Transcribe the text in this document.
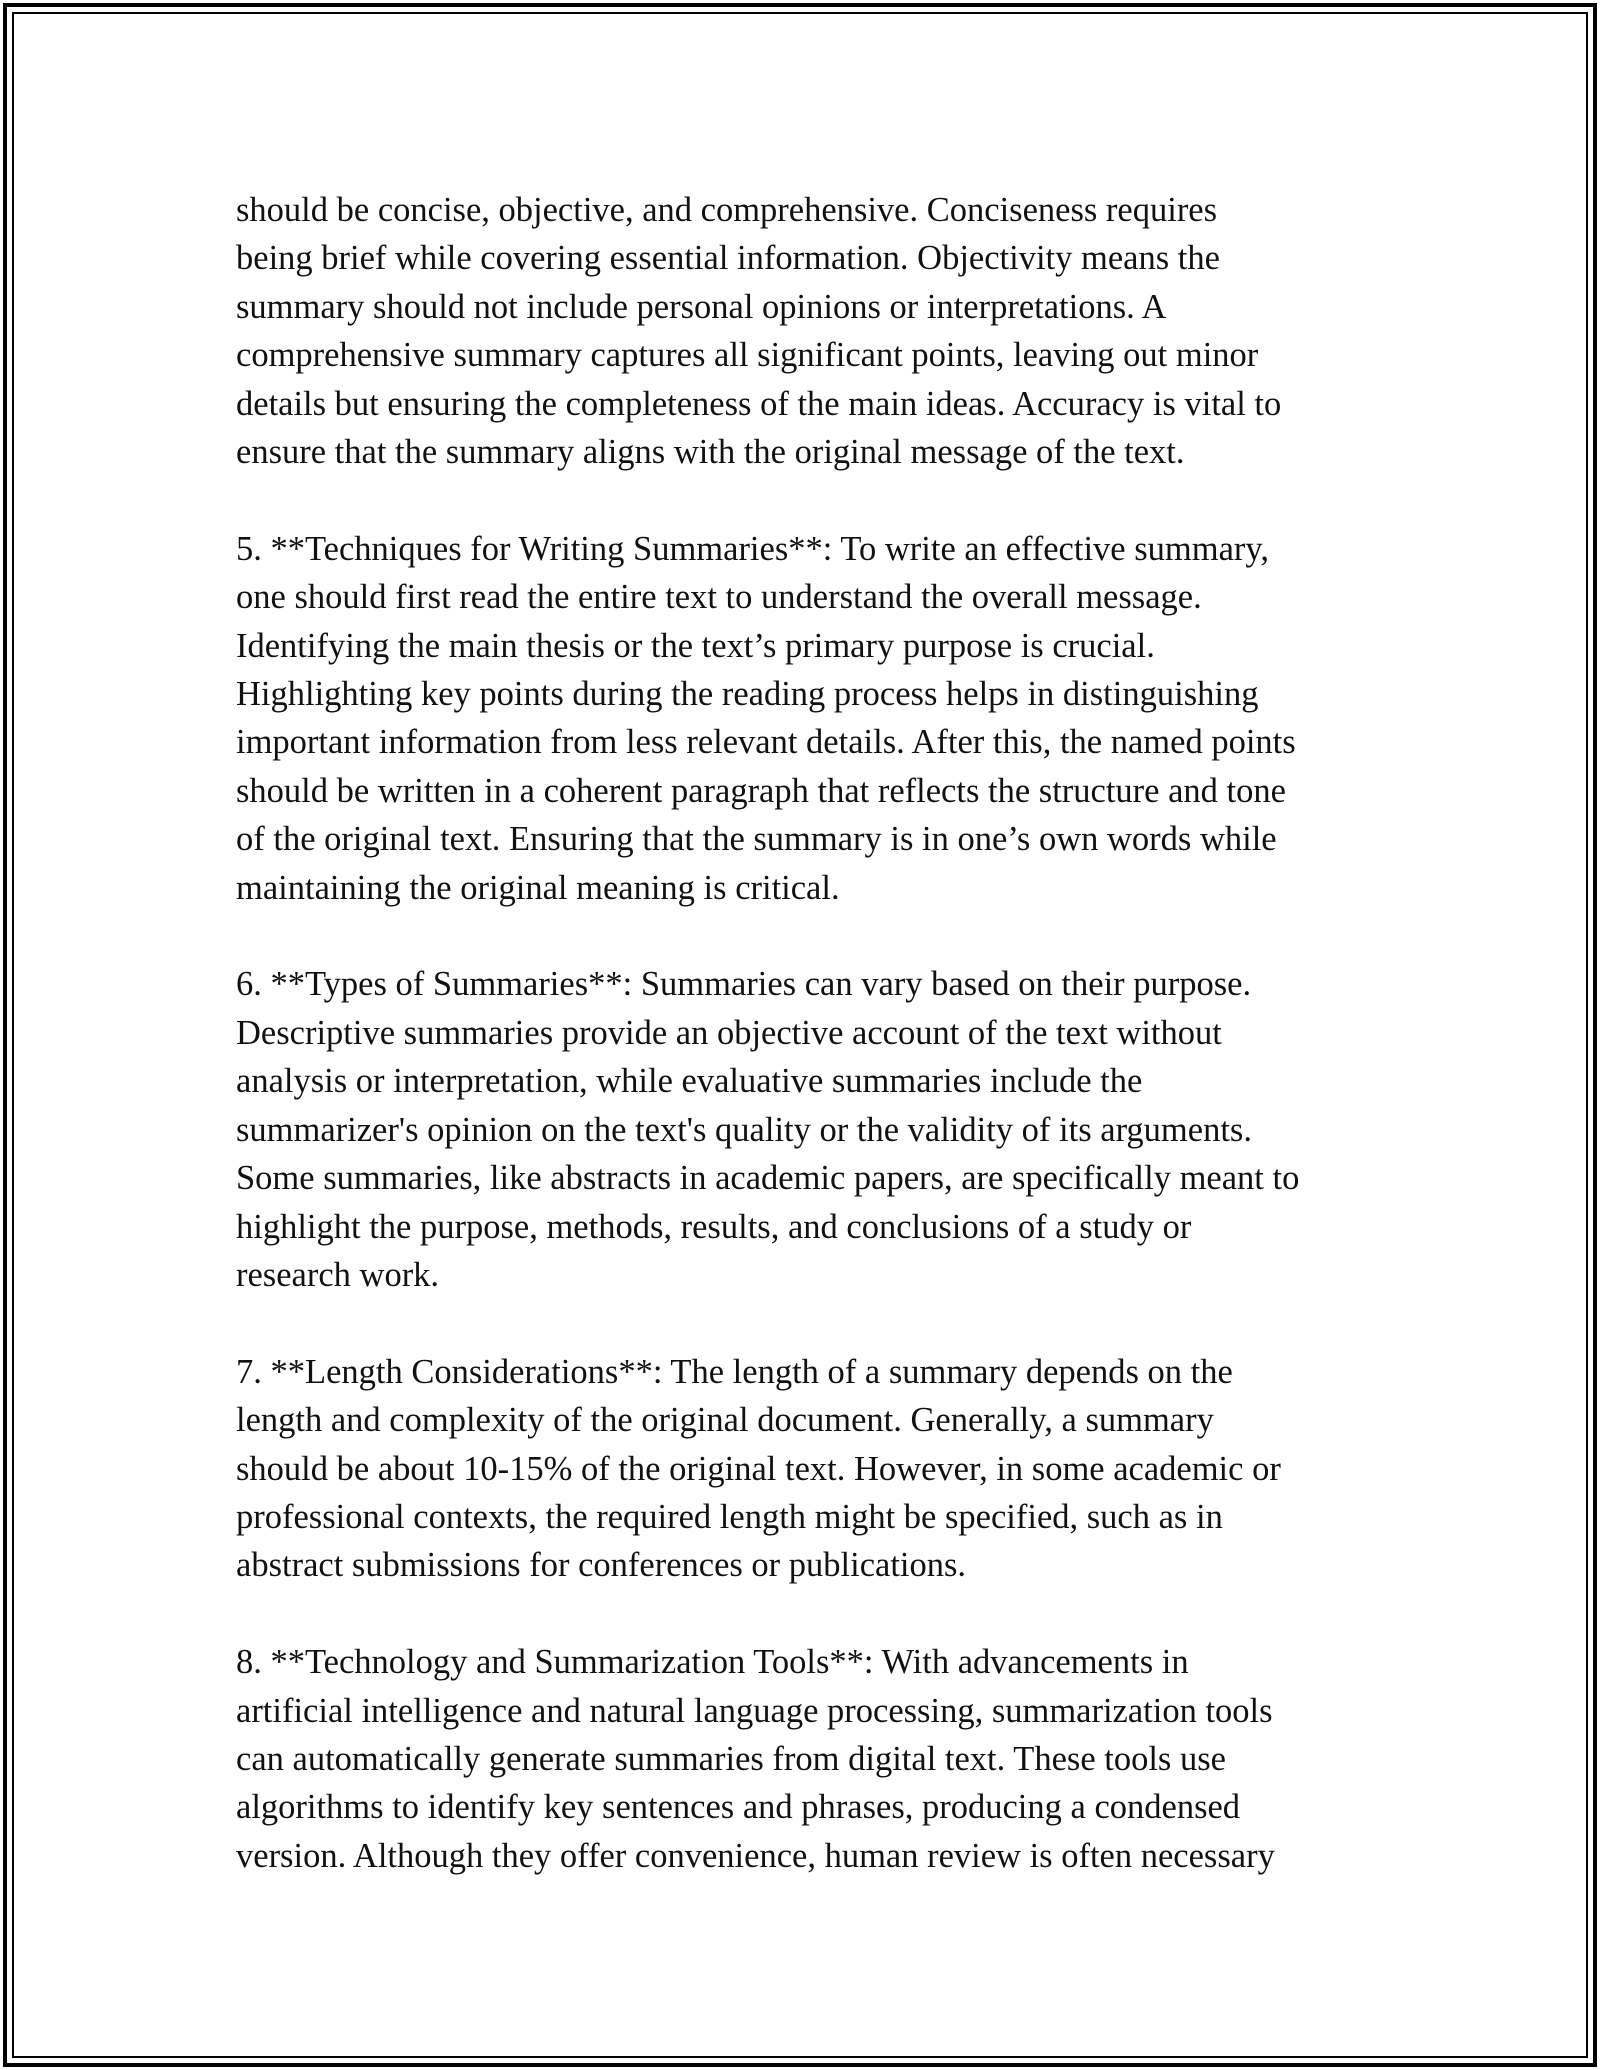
should be concise, objective, and comprehensive. Conciseness requires
being brief while covering essential information. Objectivity means the
summary should not include personal opinions or interpretations. A
comprehensive summary captures all significant points, leaving out minor
details but ensuring the completeness of the main ideas. Accuracy is vital to
ensure that the summary aligns with the original message of the text.

5. **Techniques for Writing Summaries**: To write an effective summary,
one should first read the entire text to understand the overall message.
Identifying the main thesis or the text’s primary purpose is crucial.
Highlighting key points during the reading process helps in distinguishing
important information from less relevant details. After this, the named points
should be written in a coherent paragraph that reflects the structure and tone
of the original text. Ensuring that the summary is in one’s own words while
maintaining the original meaning is critical.

6. **Types of Summaries**: Summaries can vary based on their purpose.
Descriptive summaries provide an objective account of the text without
analysis or interpretation, while evaluative summaries include the
summarizer's opinion on the text's quality or the validity of its arguments.
Some summaries, like abstracts in academic papers, are specifically meant to
highlight the purpose, methods, results, and conclusions of a study or
research work.

7. **Length Considerations**: The length of a summary depends on the
length and complexity of the original document. Generally, a summary
should be about 10-15% of the original text. However, in some academic or
professional contexts, the required length might be specified, such as in
abstract submissions for conferences or publications.

8. **Technology and Summarization Tools**: With advancements in
artificial intelligence and natural language processing, summarization tools
can automatically generate summaries from digital text. These tools use
algorithms to identify key sentences and phrases, producing a condensed
version. Although they offer convenience, human review is often necessary
